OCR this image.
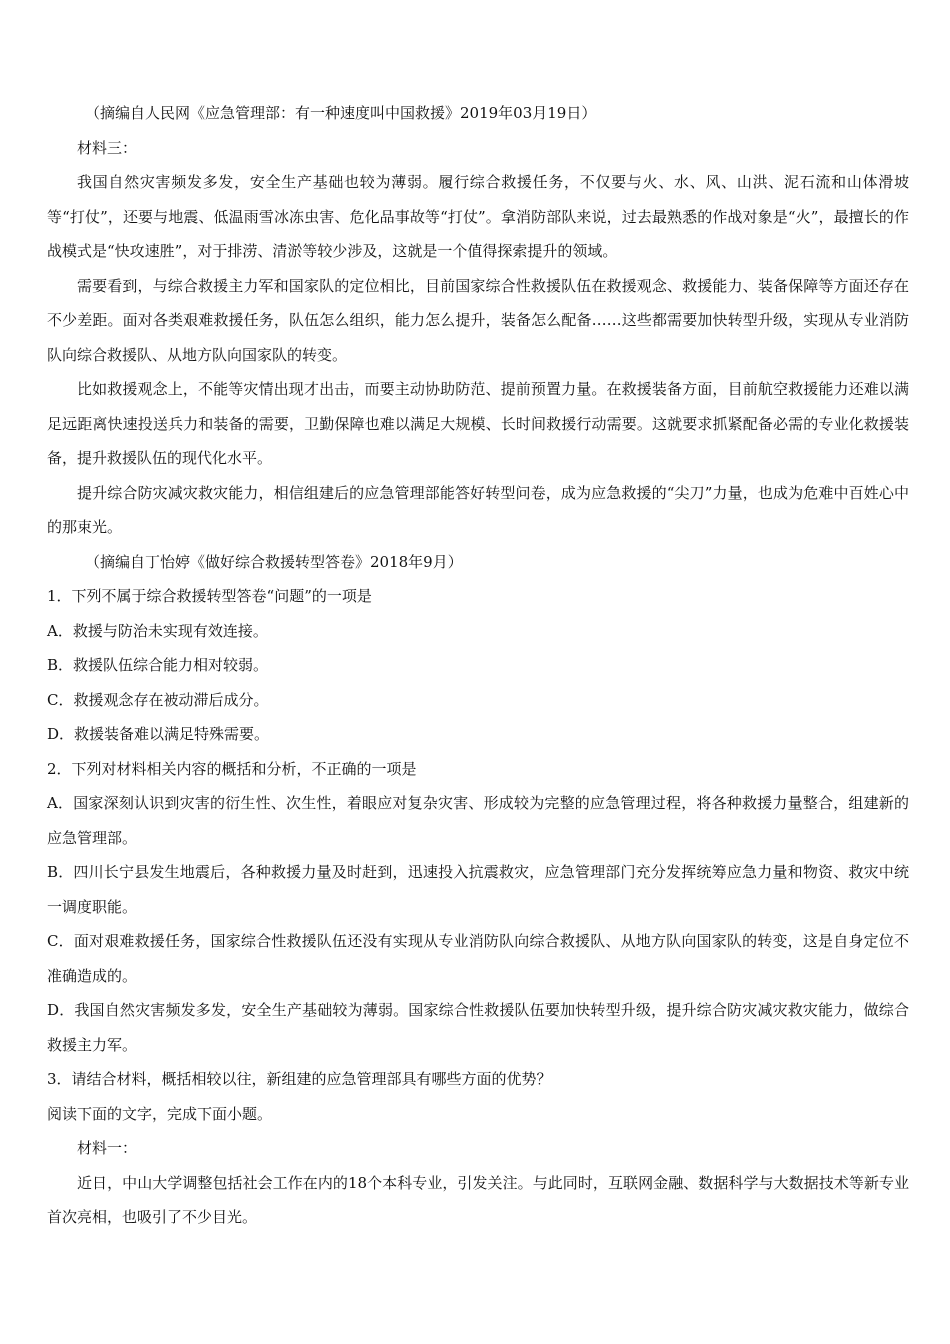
（摘编自人民网《应急管理部：有一种速度叫中国救援》2019年03月19日）

材料三：

我国自然灾害频发多发，安全生产基础也较为薄弱。履行综合救援任务，不仅要与火、水、风、山洪、泥石流和山体滑坡等“打仗”，还要与地震、低温雨雪冰冻虫害、危化品事故等“打仗”。拿消防部队来说，过去最熟悉的作战对象是“火”，最擅长的作战模式是“快攻速胜”，对于排涝、清淤等较少涉及，这就是一个值得探索提升的领域。

需要看到，与综合救援主力军和国家队的定位相比，目前国家综合性救援队伍在救援观念、救援能力、装备保障等方面还存在不少差距。面对各类艰难救援任务，队伍怎么组织，能力怎么提升，装备怎么配备……这些都需要加快转型升级，实现从专业消防队向综合救援队、从地方队向国家队的转变。

比如救援观念上，不能等灾情出现才出击，而要主动协助防范、提前预置力量。在救援装备方面，目前航空救援能力还难以满足远距离快速投送兵力和装备的需要，卫勤保障也难以满足大规模、长时间救援行动需要。这就要求抓紧配备必需的专业化救援装备，提升救援队伍的现代化水平。

提升综合防灾减灾救灾能力，相信组建后的应急管理部能答好转型问卷，成为应急救援的“尖刀”力量，也成为危难中百姓心中的那束光。

（摘编自丁怡婷《做好综合救援转型答卷》2018年9月）

1．下列不属于综合救援转型答卷“问题”的一项是

A．救援与防治未实现有效连接。

B．救援队伍综合能力相对较弱。

C．救援观念存在被动滞后成分。

D．救援装备难以满足特殊需要。

2．下列对材料相关内容的概括和分析，不正确的一项是

A．国家深刻认识到灾害的衍生性、次生性，着眼应对复杂灾害、形成较为完整的应急管理过程，将各种救援力量整合，组建新的应急管理部。

B．四川长宁县发生地震后，各种救援力量及时赶到，迅速投入抗震救灾，应急管理部门充分发挥统筹应急力量和物资、救灾中统一调度职能。

C．面对艰难救援任务，国家综合性救援队伍还没有实现从专业消防队向综合救援队、从地方队向国家队的转变，这是自身定位不准确造成的。

D．我国自然灾害频发多发，安全生产基础较为薄弱。国家综合性救援队伍要加快转型升级，提升综合防灾减灾救灾能力，做综合救援主力军。

3．请结合材料，概括相较以往，新组建的应急管理部具有哪些方面的优势？

阅读下面的文字，完成下面小题。

材料一：

近日，中山大学调整包括社会工作在内的18个本科专业，引发关注。与此同时，互联网金融、数据科学与大数据技术等新专业首次亮相，也吸引了不少目光。
